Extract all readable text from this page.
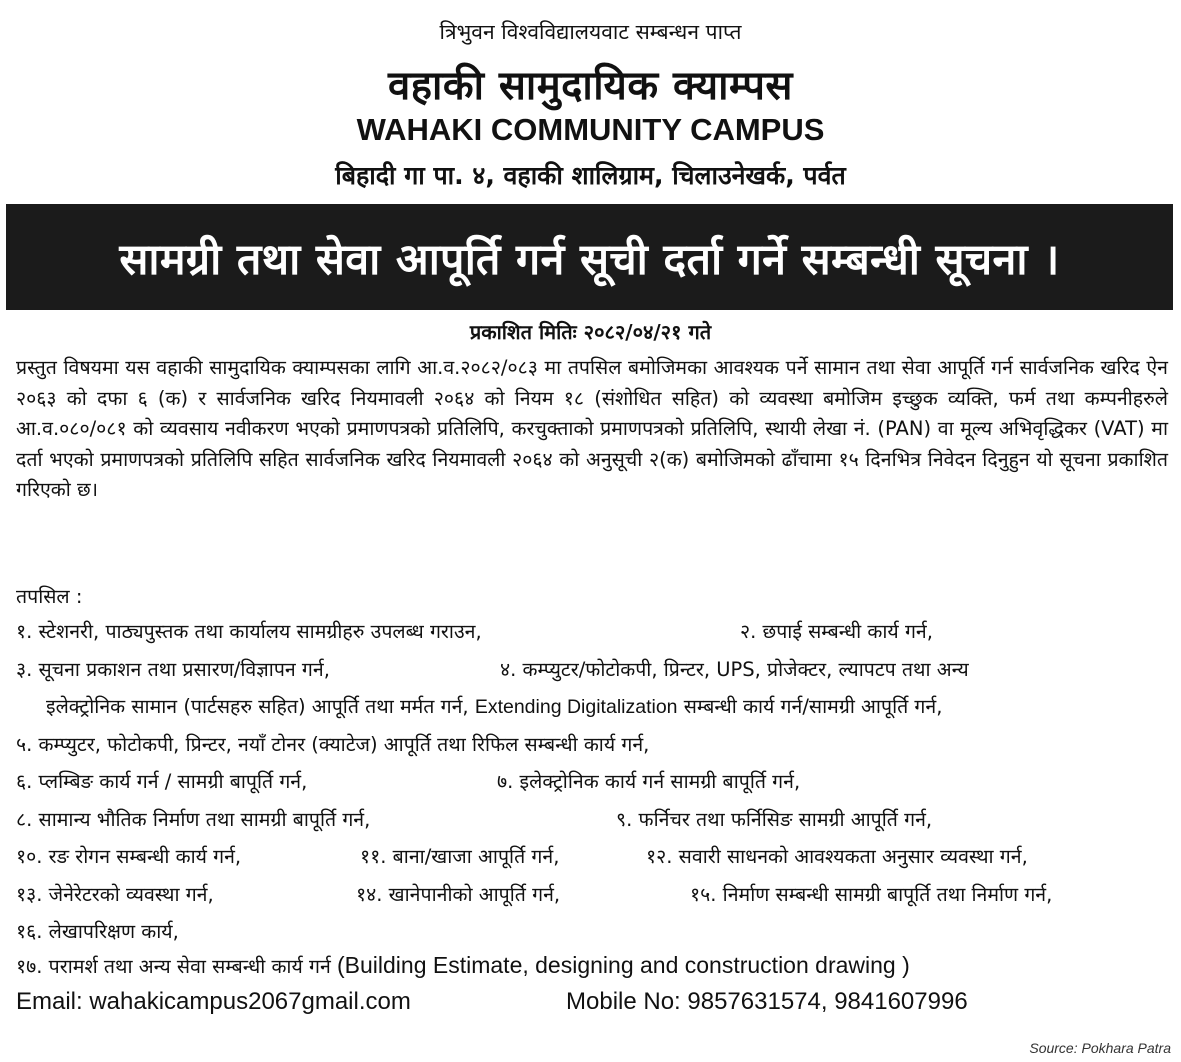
त्रिभुवन विश्वविद्यालयवाट सम्बन्धन पाप्त
वहाकी सामुदायिक क्याम्पस
WAHAKI COMMUNITY CAMPUS
बिहादी गा पा. ४, वहाकी शालिग्राम, चिलाउनेखर्क, पर्वत
सामग्री तथा सेवा आपूर्ति गर्न सूची दर्ता गर्ने सम्बन्धी सूचना ।
प्रकाशित मितिः २०८२/०४/२१ गते
प्रस्तुत विषयमा यस वहाकी सामुदायिक क्याम्पसका लागि आ.व.२०८२/०८३ मा तपसिल बमोजिमका आवश्यक पर्ने सामान तथा सेवा आपूर्ति गर्न सार्वजनिक खरिद ऐन २०६३ को दफा ६ (क) र सार्वजनिक खरिद नियमावली २०६४ को नियम १८ (संशोधित सहित) को व्यवस्था बमोजिम इच्छुक व्यक्ति, फर्म तथा कम्पनीहरुले आ.व.०८०/०८१ को व्यवसाय नवीकरण भएको प्रमाणपत्रको प्रतिलिपि, करचुक्ताको प्रमाणपत्रको प्रतिलिपि, स्थायी लेखा नं. (PAN) वा मूल्य अभिवृद्धिकर (VAT) मा दर्ता भएको प्रमाणपत्रको प्रतिलिपि सहित सार्वजनिक खरिद नियमावली २०६४ को अनुसूची २(क) बमोजिमको ढाँचामा १५ दिनभित्र निवेदन दिनुहुन यो सूचना प्रकाशित गरिएको छ।
तपसिल :
१. स्टेशनरी, पाठ्यपुस्तक तथा कार्यालय सामग्रीहरु उपलब्ध गराउन,	२. छपाई सम्बन्धी कार्य गर्न,
३. सूचना प्रकाशन तथा प्रसारण/विज्ञापन गर्न,	४. कम्प्युटर/फोटोकपी, प्रिन्टर, UPS, प्रोजेक्टर, ल्यापटप तथा अन्य
इलेक्ट्रोनिक सामान (पार्टसहरु सहित) आपूर्ति तथा मर्मत गर्न, Extending Digitalization सम्बन्धी कार्य गर्न/सामग्री आपूर्ति गर्न,
५. कम्प्युटर, फोटोकपी, प्रिन्टर, नयाँ टोनर (क्याटेज) आपूर्ति तथा रिफिल सम्बन्धी कार्य गर्न,
६. प्लम्बिङ कार्य गर्न / सामग्री बापूर्ति गर्न,	७. इलेक्ट्रोनिक कार्य गर्न सामग्री बापूर्ति गर्न,
८. सामान्य भौतिक निर्माण तथा सामग्री बापूर्ति गर्न,	९. फर्निचर तथा फर्निसिङ सामग्री आपूर्ति गर्न,
१०. रङ रोगन सम्बन्धी कार्य गर्न,	११. बाना/खाजा आपूर्ति गर्न,	१२. सवारी साधनको आवश्यकता अनुसार व्यवस्था गर्न,
१३. जेनेरेटरको व्यवस्था गर्न,	१४. खानेपानीको आपूर्ति गर्न,	१५. निर्माण सम्बन्धी सामग्री बापूर्ति तथा निर्माण गर्न,
१६. लेखापरिक्षण कार्य,
१७. परामर्श तथा अन्य सेवा सम्बन्धी कार्य गर्न (Building Estimate, designing and construction drawing )
Email: wahakicampus2067gmail.com	Mobile No: 9857631574, 9841607996
Source: Pokhara Patra
